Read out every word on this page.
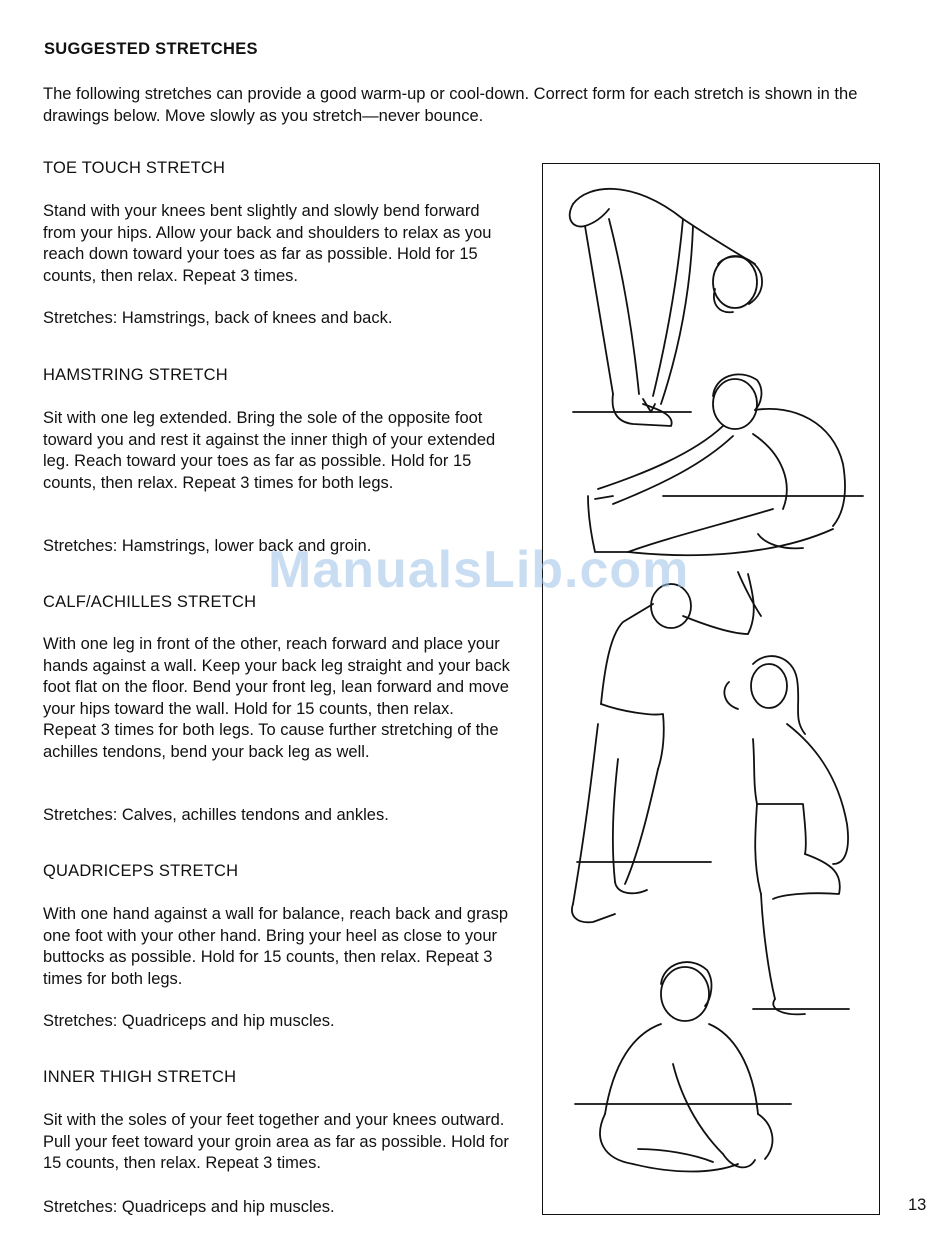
SUGGESTED STRETCHES
The following stretches can provide a good warm-up or cool-down. Correct form for each stretch is shown in the drawings below. Move slowly as you stretch—never bounce.
TOE TOUCH STRETCH
Stand with your knees bent slightly and slowly bend forward from your hips. Allow your back and shoulders to relax as you reach down toward your toes as far as possible. Hold for 15 counts, then relax. Repeat 3 times.
Stretches: Hamstrings, back of knees and back.
HAMSTRING STRETCH
Sit with one leg extended. Bring the sole of the opposite foot toward you and rest it against the inner thigh of your extended leg. Reach toward your toes as far as possible. Hold for 15 counts, then relax. Repeat 3 times for both legs.
Stretches: Hamstrings, lower back and groin.
CALF/ACHILLES STRETCH
With one leg in front of the other, reach forward and place your hands against a wall. Keep your back leg straight and your back foot flat on the floor. Bend your front leg, lean forward and move your hips toward the wall. Hold for 15 counts, then relax. Repeat 3 times for both legs. To cause further stretching of the achilles tendons, bend your back leg as well.
Stretches: Calves, achilles tendons and ankles.
QUADRICEPS STRETCH
With one hand against a wall for balance, reach back and grasp one foot with your other hand. Bring your heel as close to your buttocks as possible. Hold for 15 counts, then relax. Repeat 3 times for both legs.
Stretches: Quadriceps and hip muscles.
INNER THIGH STRETCH
Sit with the soles of your feet together and your knees outward. Pull your feet toward your groin area as far as possible. Hold for 15 counts, then relax. Repeat 3 times.
Stretches: Quadriceps and hip muscles.
ManualsLib.com
13
